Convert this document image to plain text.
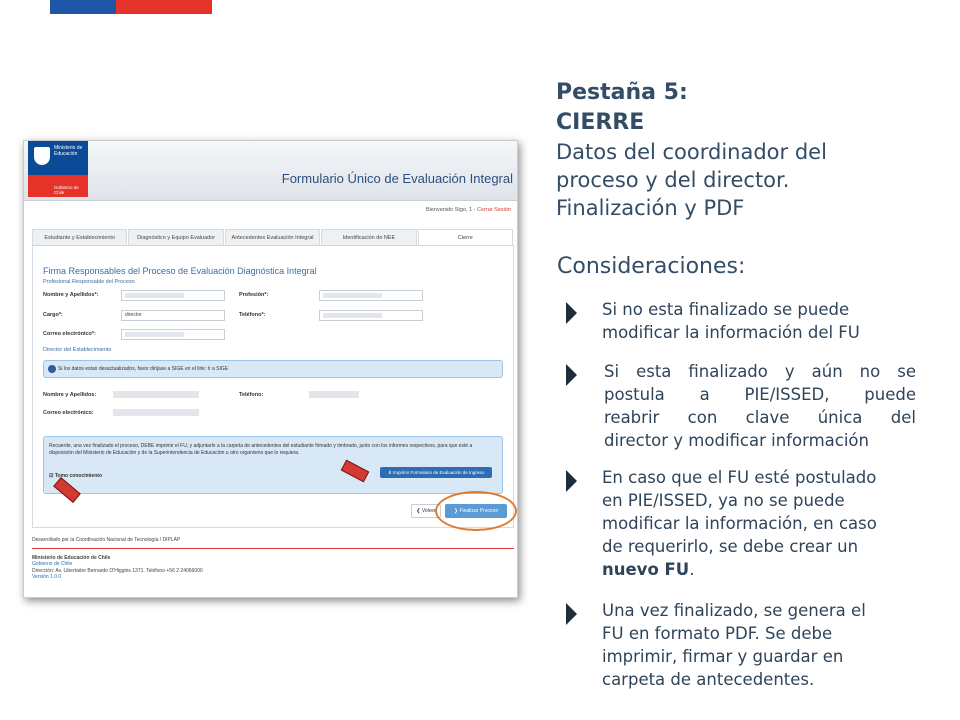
Pestaña 5:
CIERRE
Datos del coordinador del
proceso y del director.
Finalización y PDF
Consideraciones:
Si no esta finalizado se puede
modificar la información del FU
Si esta finalizado y aún no se
postula a PIE/ISSED, puede
reabrir con clave única del
director y modificar información
En caso que el FU esté postulado
en PIE/ISSED, ya no se puede
modificar la información, en caso
de requerirlo, se debe crear un
nuevo FU.
Una vez finalizado, se genera el
FU en formato PDF. Se debe
imprimir, firmar y guardar en
carpeta de antecedentes.
Ministerio de
Educación
Gobierno de Chile
Formulario Único de Evaluación Integral
Bienvenido Stgo, 1 - Cerrar Sesión
Estudiante y Establecimiento	Diagnóstico y Equipo Evaluador	Antecedentes Evaluación Integral	Identificación de NEE	Cierre
Firma Responsables del Proceso de Evaluación Diagnóstica Integral
Profesional Responsable del Proceso
Nombre y Apellidos*:	Profesión*:
Cargo*:	director	Teléfono*:
Correo electrónico*:
Director del Establecimiento
Si los datos estan desactualizados, favor diríjase a SIGE en el link: Ir a SIGE
Nombre y Apellidos:	Teléfono:
Correo electrónico:
Recuerde, una vez finalizado el proceso, DEBE imprimir el FU, y adjuntarlo a la carpeta de antecedentes del estudiante firmado y timbrado, junto con los informes respectivos, para que esté a disposición del Ministerio de Educación y de la Superintendencia de Educación u otro organismo que lo requiera.
☑ Tomo conocimiento
⬇ Imprimir Formulario de Evaluación de Ingreso
❮ Volver	❯ Finalizar Proceso
Desarrollado por la Coordinación Nacional de Tecnología / DIPLAP
Ministerio de Educación de Chile
Gobierno de Chile
Dirección: Av. Libertador Bernardo O'Higgins 1371. Teléfono +56 2 24066000
Versión 1.0.0
